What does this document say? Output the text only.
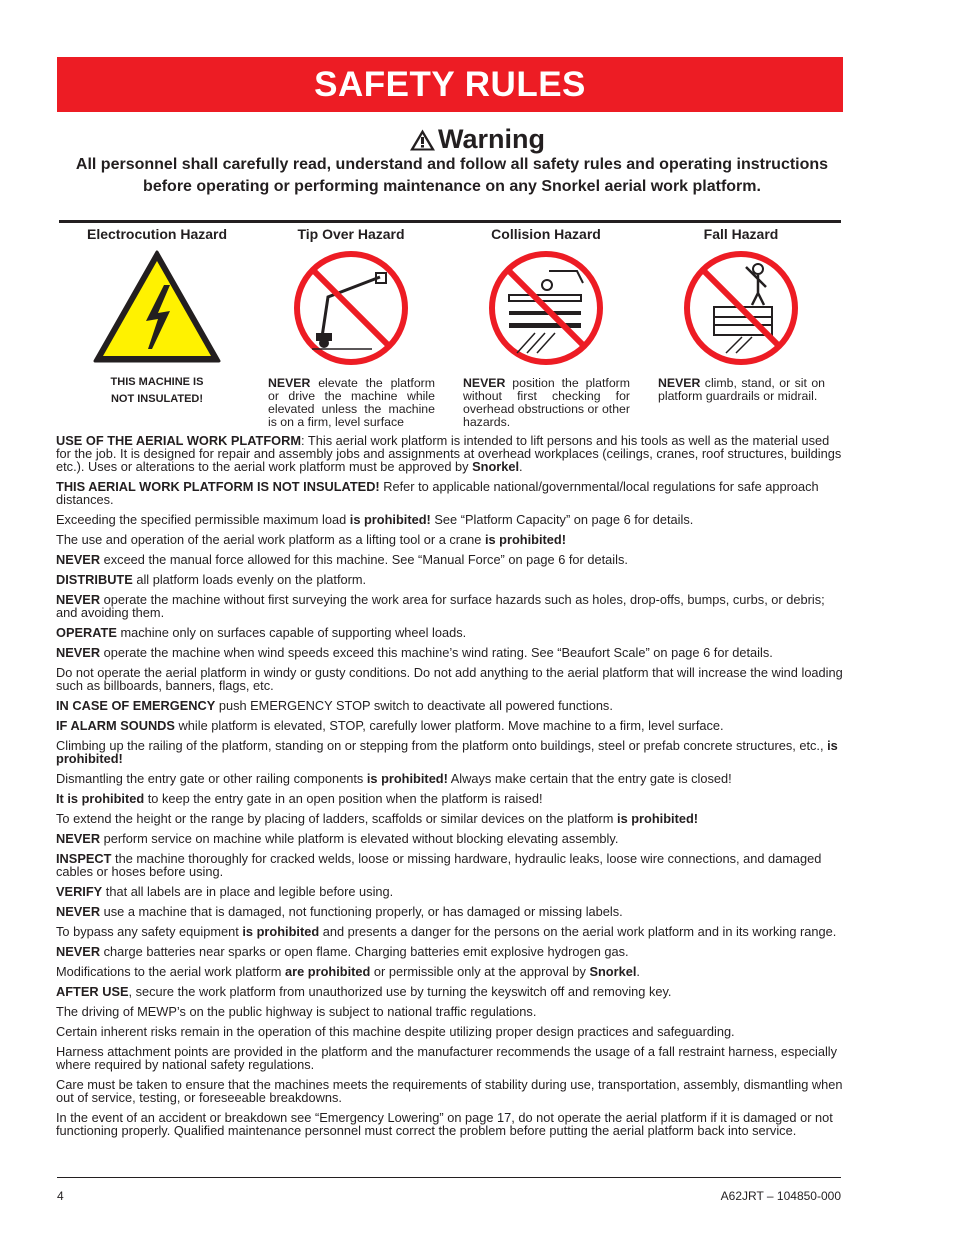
SAFETY RULES
Warning
All personnel shall carefully read, understand and follow all safety rules and operating instructions before operating or performing maintenance on any Snorkel aerial work platform.
Electrocution Hazard
THIS MACHINE IS
NOT INSULATED!
Tip Over Hazard
NEVER elevate the platform or drive the machine while elevated unless the machine is on a firm, level surface
Collision Hazard
NEVER position the platform without first checking for overhead obstructions or other hazards.
Fall Hazard
NEVER climb, stand, or sit on platform guardrails or midrail.

USE OF THE AERIAL WORK PLATFORM: This aerial work platform is intended to lift persons and his tools as well as the material used for the job. It is designed for repair and assembly jobs and assignments at overhead workplaces (ceilings, cranes, roof structures, buildings etc.). Uses or alterations to the aerial work platform must be approved by Snorkel.

THIS AERIAL WORK PLATFORM IS NOT INSULATED! Refer to applicable national/governmental/local regulations for safe approach distances.

Exceeding the specified permissible maximum load is prohibited! See “Platform Capacity” on page 6 for details.

The use and operation of the aerial work platform as a lifting tool or a crane is prohibited!

NEVER exceed the manual force allowed for this machine. See “Manual Force” on page 6 for details.

DISTRIBUTE all platform loads evenly on the platform.

NEVER operate the machine without first surveying the work area for surface hazards such as holes, drop-offs, bumps, curbs, or debris; and avoiding them.

OPERATE machine only on surfaces capable of supporting wheel loads.

NEVER operate the machine when wind speeds exceed this machine’s wind rating. See “Beaufort Scale” on page 6 for details.

Do not operate the aerial platform in windy or gusty conditions. Do not add anything to the aerial platform that will increase the wind loading such as billboards, banners, flags, etc.

IN CASE OF EMERGENCY push EMERGENCY STOP switch to deactivate all powered functions.

IF ALARM SOUNDS while platform is elevated, STOP, carefully lower platform. Move machine to a firm, level surface.

Climbing up the railing of the platform, standing on or stepping from the platform onto buildings, steel or prefab concrete structures, etc., is prohibited!

Dismantling the entry gate or other railing components is prohibited! Always make certain that the entry gate is closed!

It is prohibited to keep the entry gate in an open position when the platform is raised!

To extend the height or the range by placing of ladders, scaffolds or similar devices on the platform is prohibited!

NEVER perform service on machine while platform is elevated without blocking elevating assembly.

INSPECT the machine thoroughly for cracked welds, loose or missing hardware, hydraulic leaks, loose wire connections, and damaged cables or hoses before using.

VERIFY that all labels are in place and legible before using.

NEVER use a machine that is damaged, not functioning properly, or has damaged or missing labels.

To bypass any safety equipment is prohibited and presents a danger for the persons on the aerial work platform and in its working range.

NEVER charge batteries near sparks or open flame. Charging batteries emit explosive hydrogen gas.

Modifications to the aerial work platform are prohibited or permissible only at the approval by Snorkel.

AFTER USE, secure the work platform from unauthorized use by turning the keyswitch off and removing key.

The driving of MEWP’s on the public highway is subject to national traffic regulations.

Certain inherent risks remain in the operation of this machine despite utilizing proper design practices and safeguarding.

Harness attachment points are provided in the platform and the manufacturer recommends the usage of a fall restraint harness, especially where required by national safety regulations.

Care must be taken to ensure that the machines meets the requirements of stability during use, transportation, assembly, dismantling when out of service, testing, or foreseeable breakdowns.

In the event of an accident or breakdown see “Emergency Lowering” on page 17, do not operate the aerial platform if it is damaged or not functioning properly. Qualified maintenance personnel must correct the problem before putting the aerial platform back into service.

4	A62JRT – 104850-000
